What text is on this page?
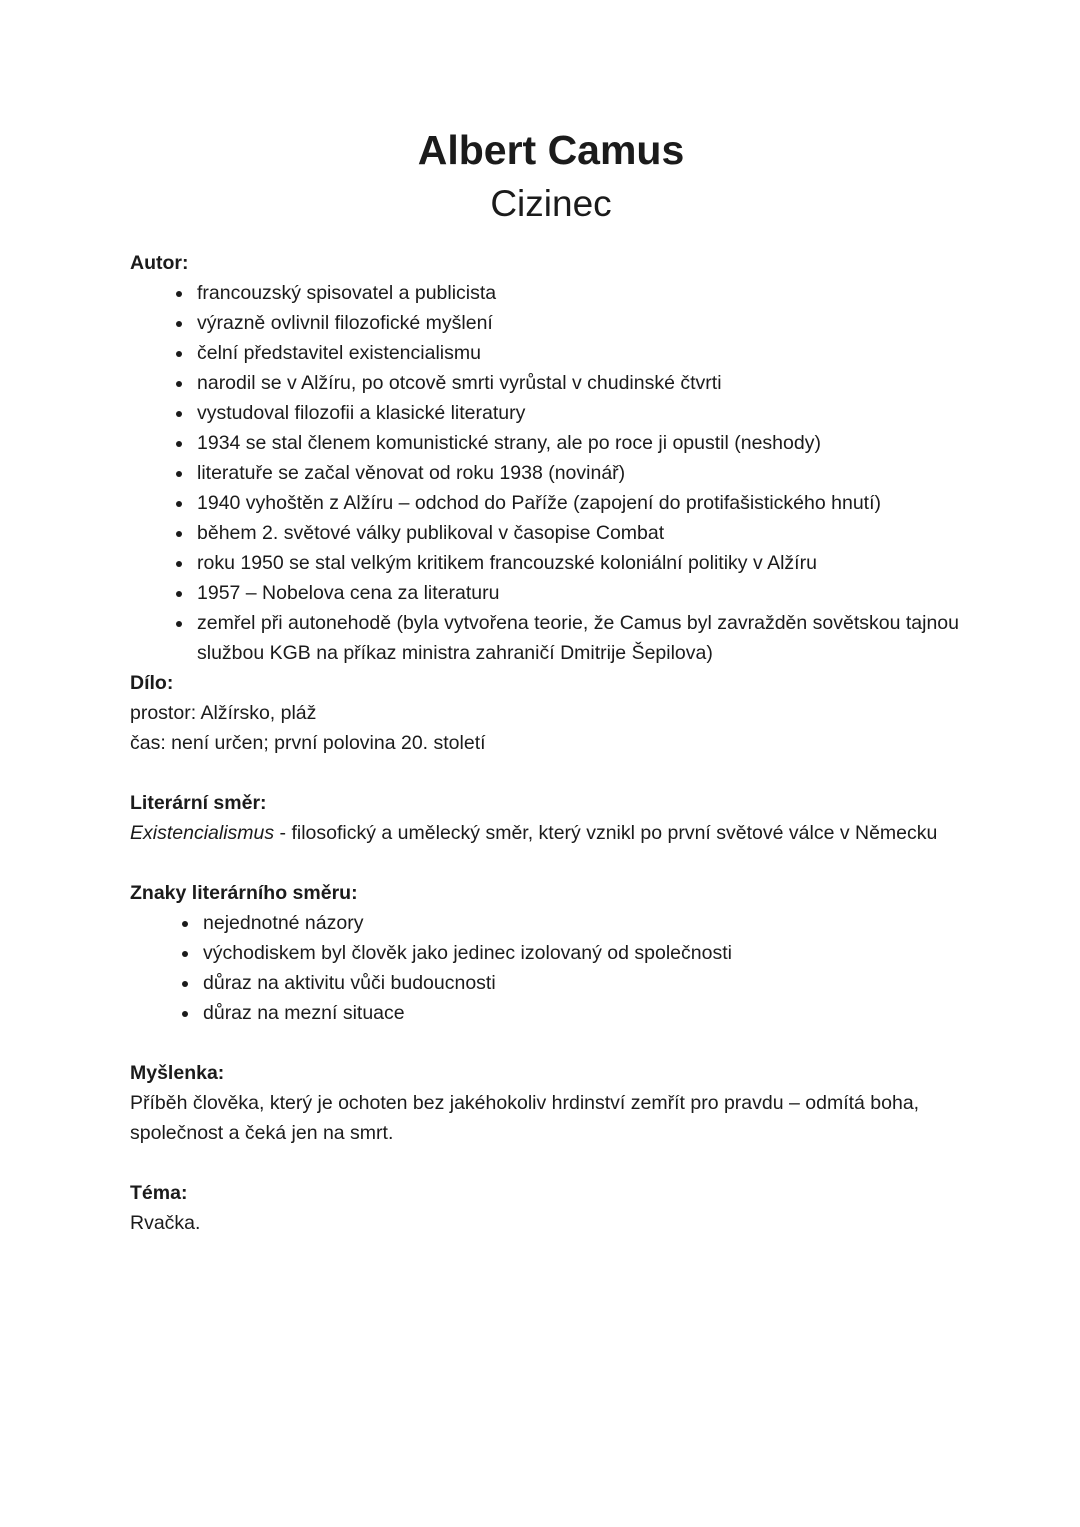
Albert Camus
Cizinec

Autor:

• francouzský spisovatel a publicista
• výrazně ovlivnil filozofické myšlení
• čelní představitel existencialismu
• narodil se v Alžíru, po otcově smrti vyrůstal v chudinské čtvrti
• vystudoval filozofii a klasické literatury
• 1934 se stal členem komunistické strany, ale po roce ji opustil (neshody)
• literatuře se začal věnovat od roku 1938 (novinář)
• 1940 vyhoštěn z Alžíru – odchod do Paříže (zapojení do protifašistického hnutí)
• během 2. světové války publikoval v časopise Combat
• roku 1950 se stal velkým kritikem francouzské koloniální politiky v Alžíru
• 1957 – Nobelova cena za literaturu
• zemřel při autonehodě (byla vytvořena teorie, že Camus byl zavražděn sovětskou tajnou službou KGB na příkaz ministra zahraničí Dmitrije Šepilova)

Dílo:

prostor: Alžírsko, pláž

čas: není určen; první polovina 20. století

Literární směr:

Existencialismus - filosofický a umělecký směr, který vznikl po první světové válce v Německu

Znaky literárního směru:

• nejednotné názory
• východiskem byl člověk jako jedinec izolovaný od společnosti
• důraz na aktivitu vůči budoucnosti
• důraz na mezní situace

Myšlenka:

Příběh člověka, který je ochoten bez jakéhokoliv hrdinství zemřít pro pravdu – odmítá boha, společnost a čeká jen na smrt.

Téma:

Rvačka.
